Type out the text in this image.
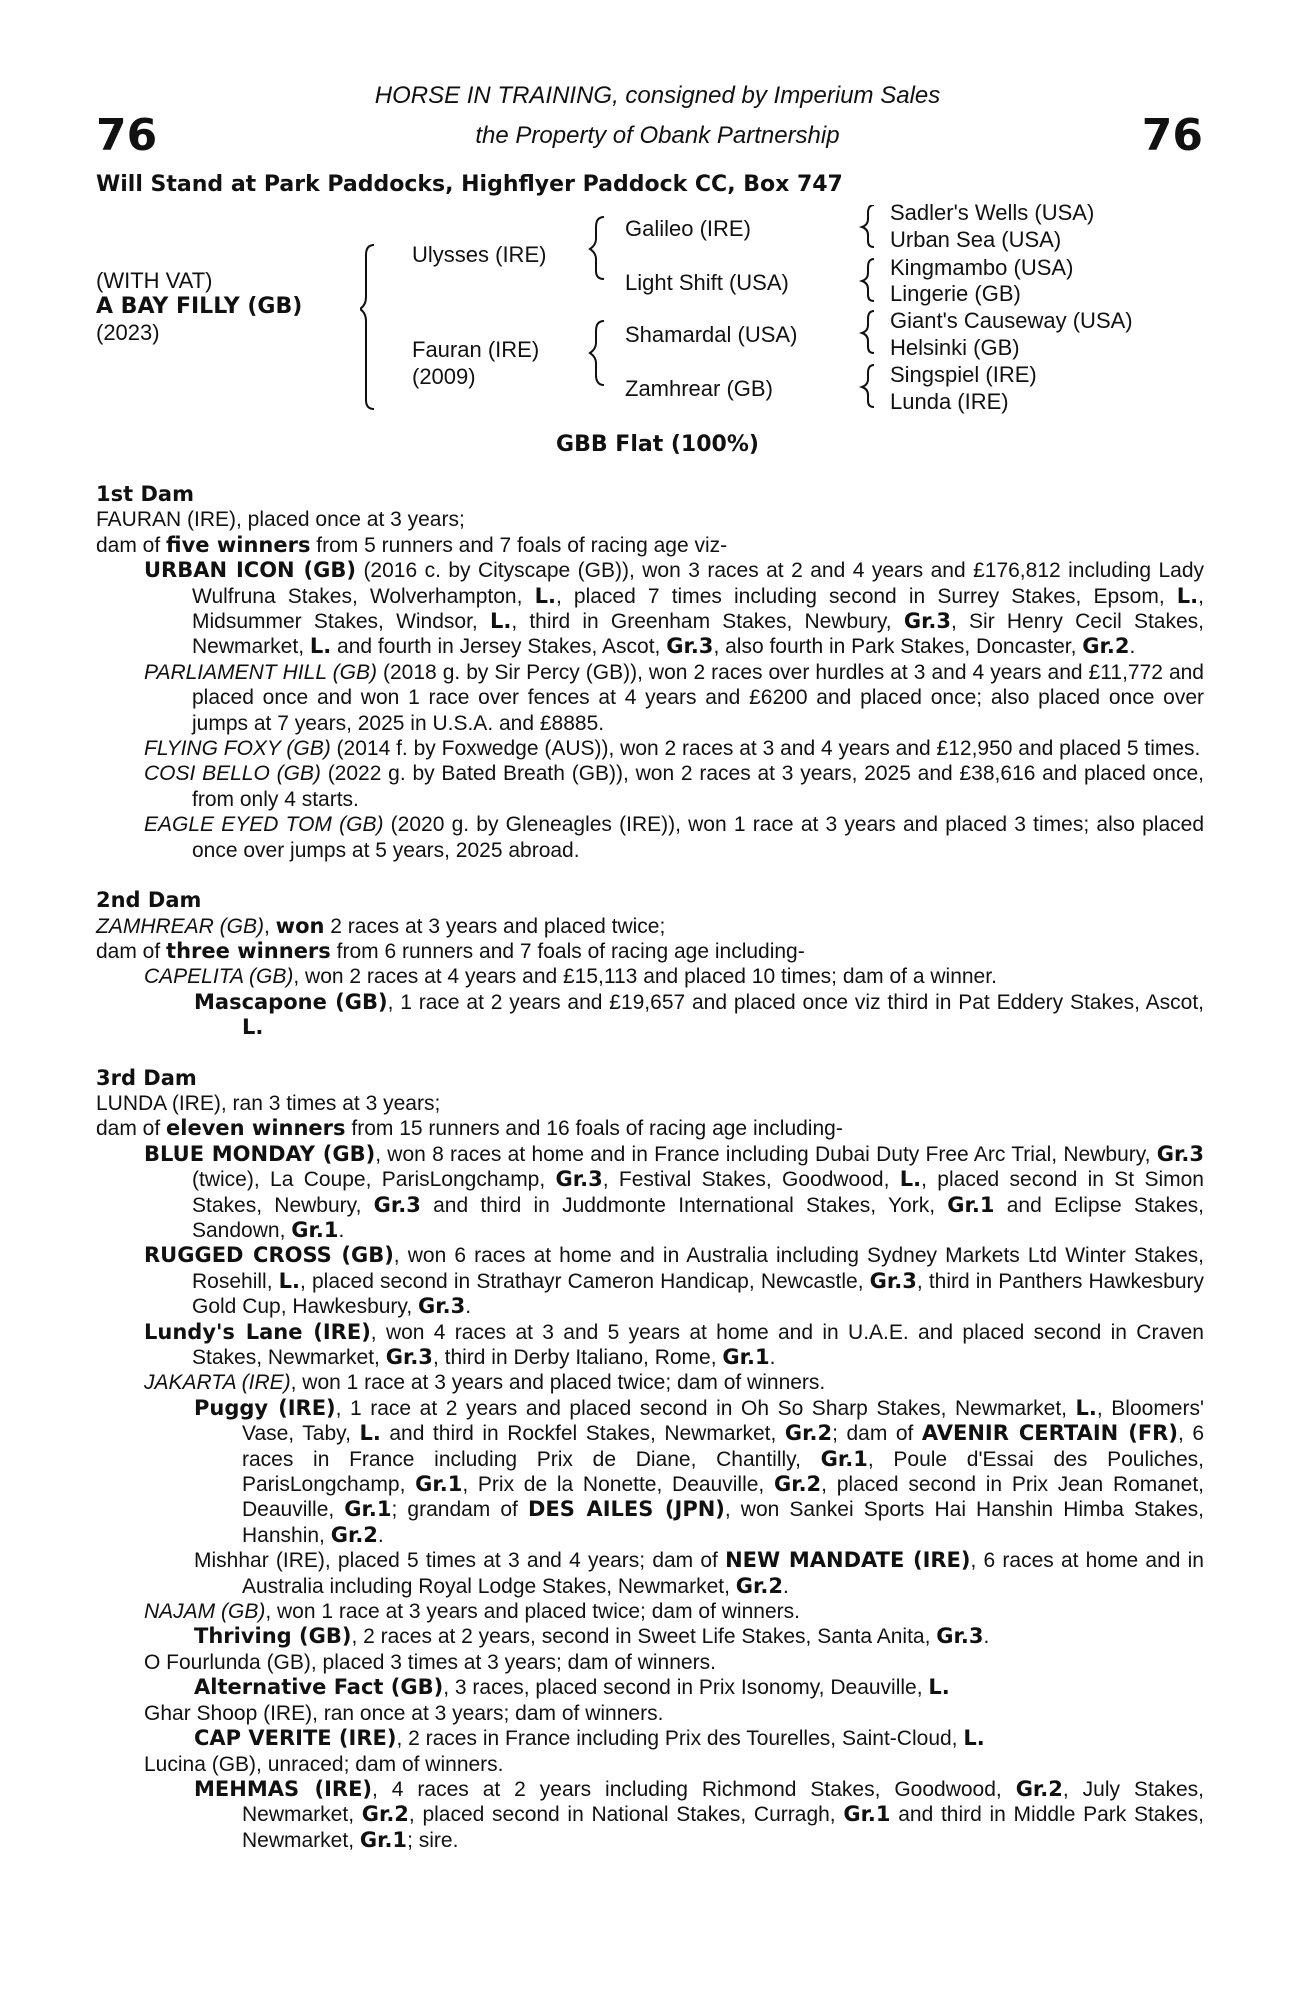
76	76
HORSE IN TRAINING, consigned by Imperium Sales
the Property of Obank Partnership
Will Stand at Park Paddocks, Highflyer Paddock CC, Box 747
(WITH VAT)
A BAY FILLY (GB)
(2023)
Ulysses (IRE)
Fauran (IRE)
(2009)
Galileo (IRE)
Light Shift (USA)
Shamardal (USA)
Zamhrear (GB)
Sadler's Wells (USA)
Urban Sea (USA)
Kingmambo (USA)
Lingerie (GB)
Giant's Causeway (USA)
Helsinki (GB)
Singspiel (IRE)
Lunda (IRE)
GBB Flat (100%)

1st Dam

FAURAN (IRE), placed once at 3 years;

dam of five winners from 5 runners and 7 foals of racing age viz-

URBAN ICON (GB) (2016 c. by Cityscape (GB)), won 3 races at 2 and 4 years and £176,812 including Lady Wulfruna Stakes, Wolverhampton, L., placed 7 times including second in Surrey Stakes, Epsom, L., Midsummer Stakes, Windsor, L., third in Greenham Stakes, Newbury, Gr.3, Sir Henry Cecil Stakes, Newmarket, L. and fourth in Jersey Stakes, Ascot, Gr.3, also fourth in Park Stakes, Doncaster, Gr.2.

PARLIAMENT HILL (GB) (2018 g. by Sir Percy (GB)), won 2 races over hurdles at 3 and 4 years and £11,772 and placed once and won 1 race over fences at 4 years and £6200 and placed once; also placed once over jumps at 7 years, 2025 in U.S.A. and £8885.

FLYING FOXY (GB) (2014 f. by Foxwedge (AUS)), won 2 races at 3 and 4 years and £12,950 and placed 5 times.

COSI BELLO (GB) (2022 g. by Bated Breath (GB)), won 2 races at 3 years, 2025 and £38,616 and placed once, from only 4 starts.

EAGLE EYED TOM (GB) (2020 g. by Gleneagles (IRE)), won 1 race at 3 years and placed 3 times; also placed once over jumps at 5 years, 2025 abroad.

2nd Dam

ZAMHREAR (GB), won 2 races at 3 years and placed twice;

dam of three winners from 6 runners and 7 foals of racing age including-

CAPELITA (GB), won 2 races at 4 years and £15,113 and placed 10 times; dam of a winner.

Mascapone (GB), 1 race at 2 years and £19,657 and placed once viz third in Pat Eddery Stakes, Ascot, L.

3rd Dam

LUNDA (IRE), ran 3 times at 3 years;

dam of eleven winners from 15 runners and 16 foals of racing age including-

BLUE MONDAY (GB), won 8 races at home and in France including Dubai Duty Free Arc Trial, Newbury, Gr.3 (twice), La Coupe, ParisLongchamp, Gr.3, Festival Stakes, Goodwood, L., placed second in St Simon Stakes, Newbury, Gr.3 and third in Juddmonte International Stakes, York, Gr.1 and Eclipse Stakes, Sandown, Gr.1.

RUGGED CROSS (GB), won 6 races at home and in Australia including Sydney Markets Ltd Winter Stakes, Rosehill, L., placed second in Strathayr Cameron Handicap, Newcastle, Gr.3, third in Panthers Hawkesbury Gold Cup, Hawkesbury, Gr.3.

Lundy's Lane (IRE), won 4 races at 3 and 5 years at home and in U.A.E. and placed second in Craven Stakes, Newmarket, Gr.3, third in Derby Italiano, Rome, Gr.1.

JAKARTA (IRE), won 1 race at 3 years and placed twice; dam of winners.

Puggy (IRE), 1 race at 2 years and placed second in Oh So Sharp Stakes, Newmarket, L., Bloomers' Vase, Taby, L. and third in Rockfel Stakes, Newmarket, Gr.2; dam of AVENIR CERTAIN (FR), 6 races in France including Prix de Diane, Chantilly, Gr.1, Poule d'Essai des Pouliches, ParisLongchamp, Gr.1, Prix de la Nonette, Deauville, Gr.2, placed second in Prix Jean Romanet, Deauville, Gr.1; grandam of DES AILES (JPN), won Sankei Sports Hai Hanshin Himba Stakes, Hanshin, Gr.2.

Mishhar (IRE), placed 5 times at 3 and 4 years; dam of NEW MANDATE (IRE), 6 races at home and in Australia including Royal Lodge Stakes, Newmarket, Gr.2.

NAJAM (GB), won 1 race at 3 years and placed twice; dam of winners.

Thriving (GB), 2 races at 2 years, second in Sweet Life Stakes, Santa Anita, Gr.3.

O Fourlunda (GB), placed 3 times at 3 years; dam of winners.

Alternative Fact (GB), 3 races, placed second in Prix Isonomy, Deauville, L.

Ghar Shoop (IRE), ran once at 3 years; dam of winners.

CAP VERITE (IRE), 2 races in France including Prix des Tourelles, Saint-Cloud, L.

Lucina (GB), unraced; dam of winners.

MEHMAS (IRE), 4 races at 2 years including Richmond Stakes, Goodwood, Gr.2, July Stakes, Newmarket, Gr.2, placed second in National Stakes, Curragh, Gr.1 and third in Middle Park Stakes, Newmarket, Gr.1; sire.
